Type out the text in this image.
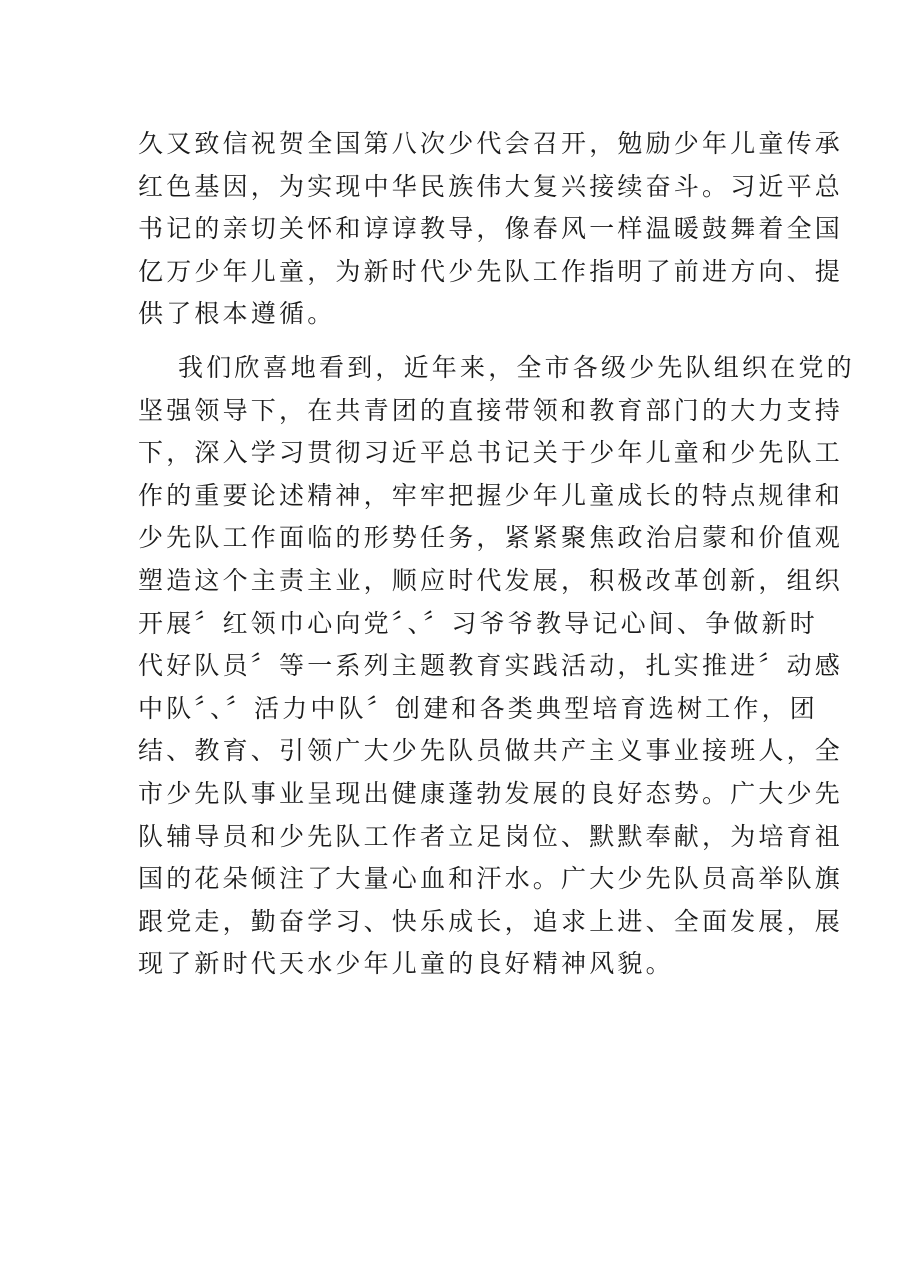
久又致信祝贺全国第八次少代会召开，勉励少年儿童传承
红色基因，为实现中华民族伟大复兴接续奋斗。习近平总
书记的亲切关怀和谆谆教导，像春风一样温暖鼓舞着全国
亿万少年儿童，为新时代少先队工作指明了前进方向、提
供了根本遵循。
我们欣喜地看到，近年来，全市各级少先队组织在党的
坚强领导下，在共青团的直接带领和教育部门的大力支持
下，深入学习贯彻习近平总书记关于少年儿童和少先队工
作的重要论述精神，牢牢把握少年儿童成长的特点规律和
少先队工作面临的形势任务，紧紧聚焦政治启蒙和价值观
塑造这个主责主业，顺应时代发展，积极改革创新，组织
开展〞红领巾心向党〞、〞习爷爷教导记心间、争做新时
代好队员〞等一系列主题教育实践活动，扎实推进〞动感
中队〞、〞活力中队〞创建和各类典型培育选树工作，团
结、教育、引领广大少先队员做共产主义事业接班人，全
市少先队事业呈现出健康蓬勃发展的良好态势。广大少先
队辅导员和少先队工作者立足岗位、默默奉献，为培育祖
国的花朵倾注了大量心血和汗水。广大少先队员高举队旗
跟党走，勤奋学习、快乐成长，追求上进、全面发展，展
现了新时代天水少年儿童的良好精神风貌。
